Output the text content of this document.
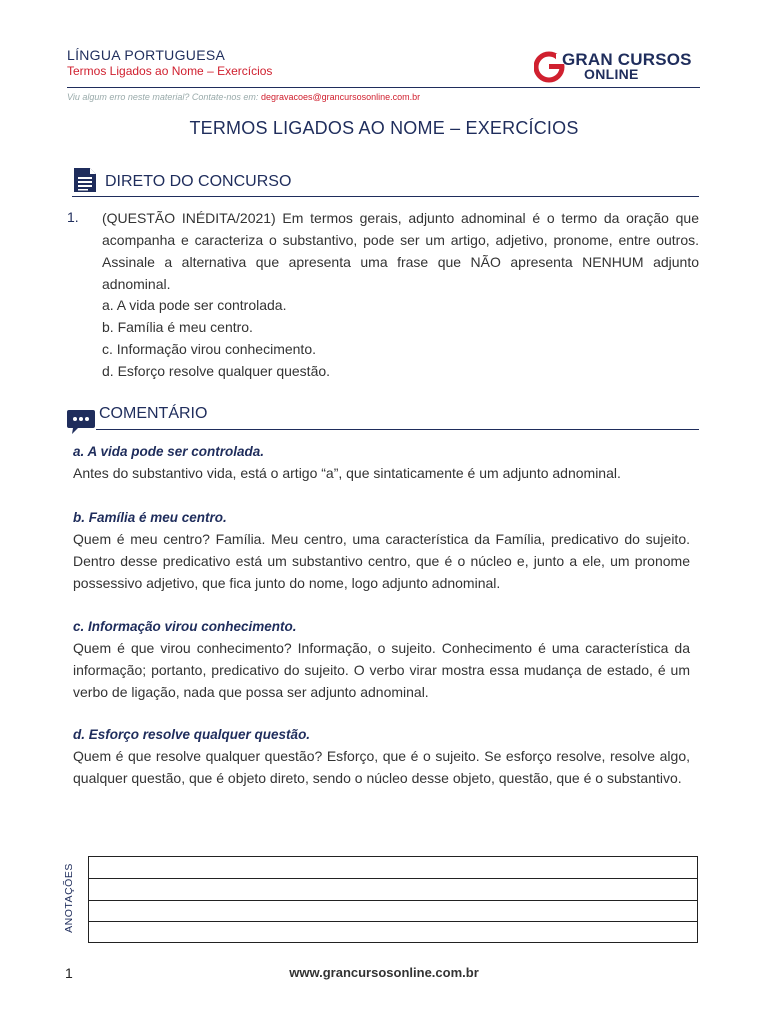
LÍNGUA PORTUGUESA
Termos Ligados ao Nome – Exercícios
GRAN CURSOS
ONLINE
Viu algum erro neste material? Contate-nos em: degravacoes@grancursosonline.com.br
TERMOS LIGADOS AO NOME – EXERCÍCIOS
DIRETO DO CONCURSO
1. (QUESTÃO INÉDITA/2021) Em termos gerais, adjunto adnominal é o termo da oração que acompanha e caracteriza o substantivo, pode ser um artigo, adjetivo, pronome, entre outros. Assinale a alternativa que apresenta uma frase que NÃO apresenta NENHUM adjunto adnominal.
a. A vida pode ser controlada.
b. Família é meu centro.
c. Informação virou conhecimento.
d. Esforço resolve qualquer questão.
COMENTÁRIO
a. A vida pode ser controlada.
Antes do substantivo vida, está o artigo “a”, que sintaticamente é um adjunto adnominal.
b. Família é meu centro.
Quem é meu centro? Família. Meu centro, uma característica da Família, predicativo do sujeito. Dentro desse predicativo está um substantivo centro, que é o núcleo e, junto a ele, um pronome possessivo adjetivo, que fica junto do nome, logo adjunto adnominal.
c. Informação virou conhecimento.
Quem é que virou conhecimento? Informação, o sujeito. Conhecimento é uma característica da informação; portanto, predicativo do sujeito. O verbo virar mostra essa mudança de estado, é um verbo de ligação, nada que possa ser adjunto adnominal.
d. Esforço resolve qualquer questão.
Quem é que resolve qualquer questão? Esforço, que é o sujeito. Se esforço resolve, resolve algo, qualquer questão, que é objeto direto, sendo o núcleo desse objeto, questão, que é o substantivo.
ANOTAÇÕES
1	www.grancursosonline.com.br
